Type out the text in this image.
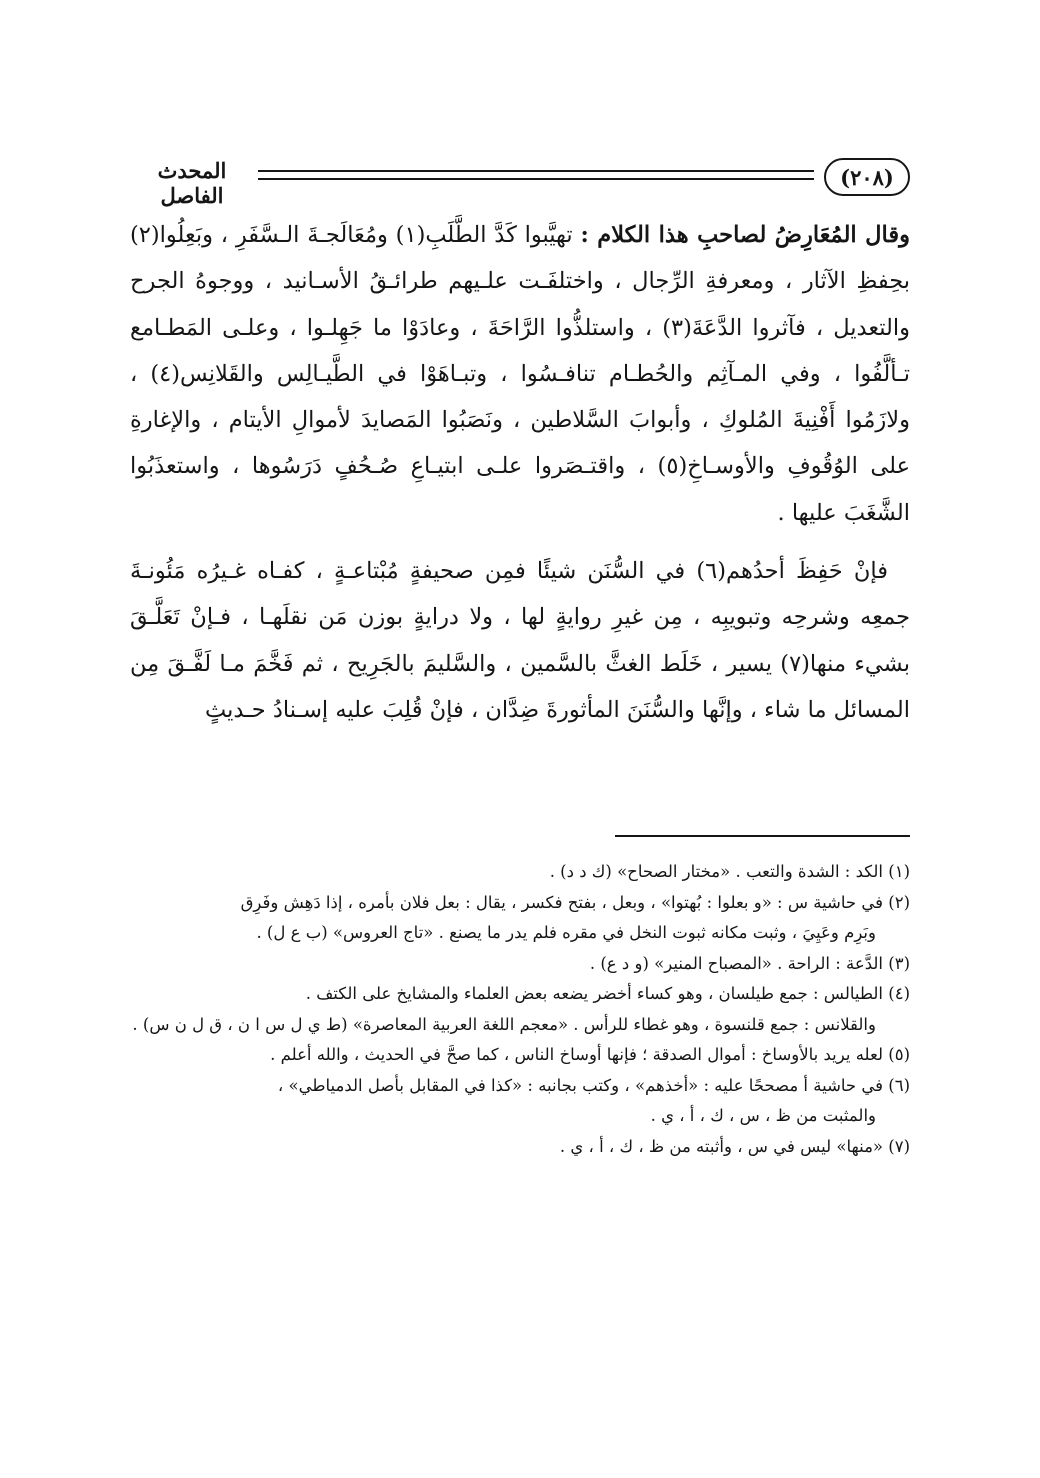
المحدث الفاصل
(٢٠٨)

وقال المُعَارِضُ لصاحبِ هذا الكلام : تهيَّبوا كَدَّ الطَّلَبِ(١) ومُعَالَجـةَ الـسَّفَرِ ، وبَعِلُوا(٢) بحِفظِ الآثار ، ومعرفةِ الرِّجال ، واختلفَـت علـيهم طرائـقُ الأسـانيد ، ووجوهُ الجرح والتعديل ، فآثروا الدَّعَةَ(٣) ، واستلذُّوا الرَّاحَةَ ، وعادَوْا ما جَهِلـوا ، وعلـى المَطـامع تـألَّفُوا ، وفي المـآثِم والحُطـام تنافـسُوا ، وتبـاهَوْا في الطَّيـالِس والقَلانِس(٤) ، ولازَمُوا أَفْنِيةَ المُلوكِ ، وأبوابَ السَّلاطين ، ونَصَبُوا المَصايدَ لأموالِ الأيتام ، والإغارةِ على الوُقُوفِ والأوسـاخِ(٥) ، واقتـصَروا علـى ابتيـاعِ صُـحُفٍ دَرَسُوها ، واستعذَبُوا الشَّغَبَ عليها .

فإنْ حَفِظَ أحدُهم(٦) في السُّنَن شيئًا فمِن صحيفةٍ مُبْتاعـةٍ ، كفـاه غـيرُه مَئُونـةَ جمعِه وشرحِه وتبويبِه ، مِن غيرِ روايةٍ لها ، ولا درايةٍ بوزن مَن نقلَهـا ، فـإنْ تَعَلَّـقَ بشيء منها(٧) يسير ، خَلَط الغثَّ بالسَّمين ، والسَّليمَ بالجَرِيح ، ثم فَخَّمَ مـا لَفَّـقَ مِن المسائل ما شاء ، وإنَّها والسُّنَنَ المأثورةَ ضِدَّان ، فإنْ قُلِبَ عليه إسـنادُ حـديثٍ

(١) الكد : الشدة والتعب . «مختار الصحاح» (ك د د) .
(٢) في حاشية س : «و بعلوا : بُهتوا» ، وبعل ، بفتح فكسر ، يقال : بعل فلان بأمره ، إذا دَهِش وفَرِق
وبَرِم وعَيِيَ ، وثبت مكانه ثبوت النخل في مقره فلم يدر ما يصنع . «تاج العروس» (ب ع ل) .
(٣) الدَّعة : الراحة . «المصباح المنير» (و د ع) .
(٤) الطيالس : جمع طيلسان ، وهو كساء أخضر يضعه بعض العلماء والمشايخ على الكتف .
والقلانس : جمع قلنسوة ، وهو غطاء للرأس . «معجم اللغة العربية المعاصرة» (ط ي ل س ا ن ، ق ل ن س) .
(٥) لعله يريد بالأوساخ : أموال الصدقة ؛ فإنها أوساخ الناس ، كما صحَّ في الحديث ، والله أعلم .
(٦) في حاشية أ مصححًا عليه : «أخذهم» ، وكتب بجانبه : «كذا في المقابل بأصل الدمياطي» ،
والمثبت من ظ ، س ، ك ، أ ، ي .
(٧) «منها» ليس في س ، وأثبته من ظ ، ك ، أ ، ي .
